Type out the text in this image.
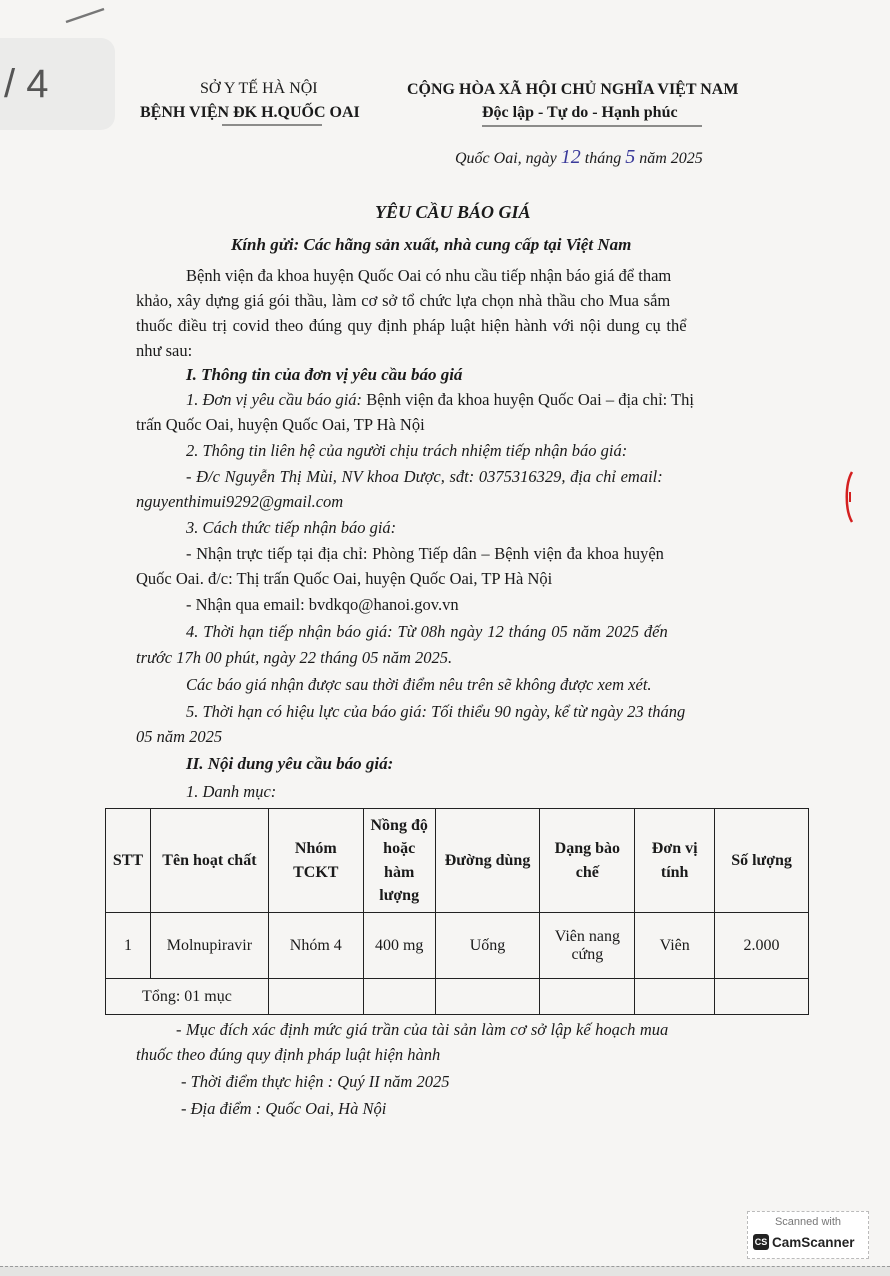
/ 4	SỞ Y TẾ HÀ NỘI
BỆNH VIỆN ĐK H.QUỐC OAI
CỘNG HÒA XÃ HỘI CHỦ NGHĨA VIỆT NAM
Độc lập - Tự do - Hạnh phúc
Quốc Oai, ngày 12 tháng 5 năm 2025
YÊU CẦU BÁO GIÁ
Kính gửi: Các hãng sản xuất, nhà cung cấp tại Việt Nam
Bệnh viện đa khoa huyện Quốc Oai có nhu cầu tiếp nhận báo giá để tham
khảo, xây dựng giá gói thầu, làm cơ sở tổ chức lựa chọn nhà thầu cho Mua sắm
thuốc điều trị covid theo đúng quy định pháp luật hiện hành với nội dung cụ thể
như sau:
I. Thông tin của đơn vị yêu cầu báo giá
1. Đơn vị yêu cầu báo giá: Bệnh viện đa khoa huyện Quốc Oai – địa chỉ: Thị
trấn Quốc Oai, huyện Quốc Oai, TP Hà Nội
2. Thông tin liên hệ của người chịu trách nhiệm tiếp nhận báo giá:
- Đ/c Nguyễn Thị Mùi, NV khoa Dược, sđt: 0375316329, địa chỉ email:
nguyenthimui9292@gmail.com
3. Cách thức tiếp nhận báo giá:
- Nhận trực tiếp tại địa chỉ: Phòng Tiếp dân – Bệnh viện đa khoa huyện
Quốc Oai. đ/c: Thị trấn Quốc Oai, huyện Quốc Oai, TP Hà Nội
- Nhận qua email: bvdkqo@hanoi.gov.vn
4. Thời hạn tiếp nhận báo giá: Từ 08h ngày 12 tháng 05 năm 2025 đến
trước 17h 00 phút, ngày 22 tháng 05 năm 2025.
Các báo giá nhận được sau thời điểm nêu trên sẽ không được xem xét.
5. Thời hạn có hiệu lực của báo giá: Tối thiểu 90 ngày, kể từ ngày 23 tháng
05 năm 2025
II. Nội dung yêu cầu báo giá:
1. Danh mục:
STT	Tên hoạt chất	Nhóm TCKT	Nồng độ hoặc hàm lượng	Đường dùng	Dạng bào chế	Đơn vị tính	Số lượng
1	Molnupiravir	Nhóm 4	400 mg	Uống	Viên nang cứng	Viên	2.000
Tổng: 01 mục							
- Mục đích xác định mức giá trần của tài sản làm cơ sở lập kế hoạch mua
thuốc theo đúng quy định pháp luật hiện hành
- Thời điểm thực hiện : Quý II năm 2025
- Địa điểm : Quốc Oai, Hà Nội
Scanned with
CS CamScanner
